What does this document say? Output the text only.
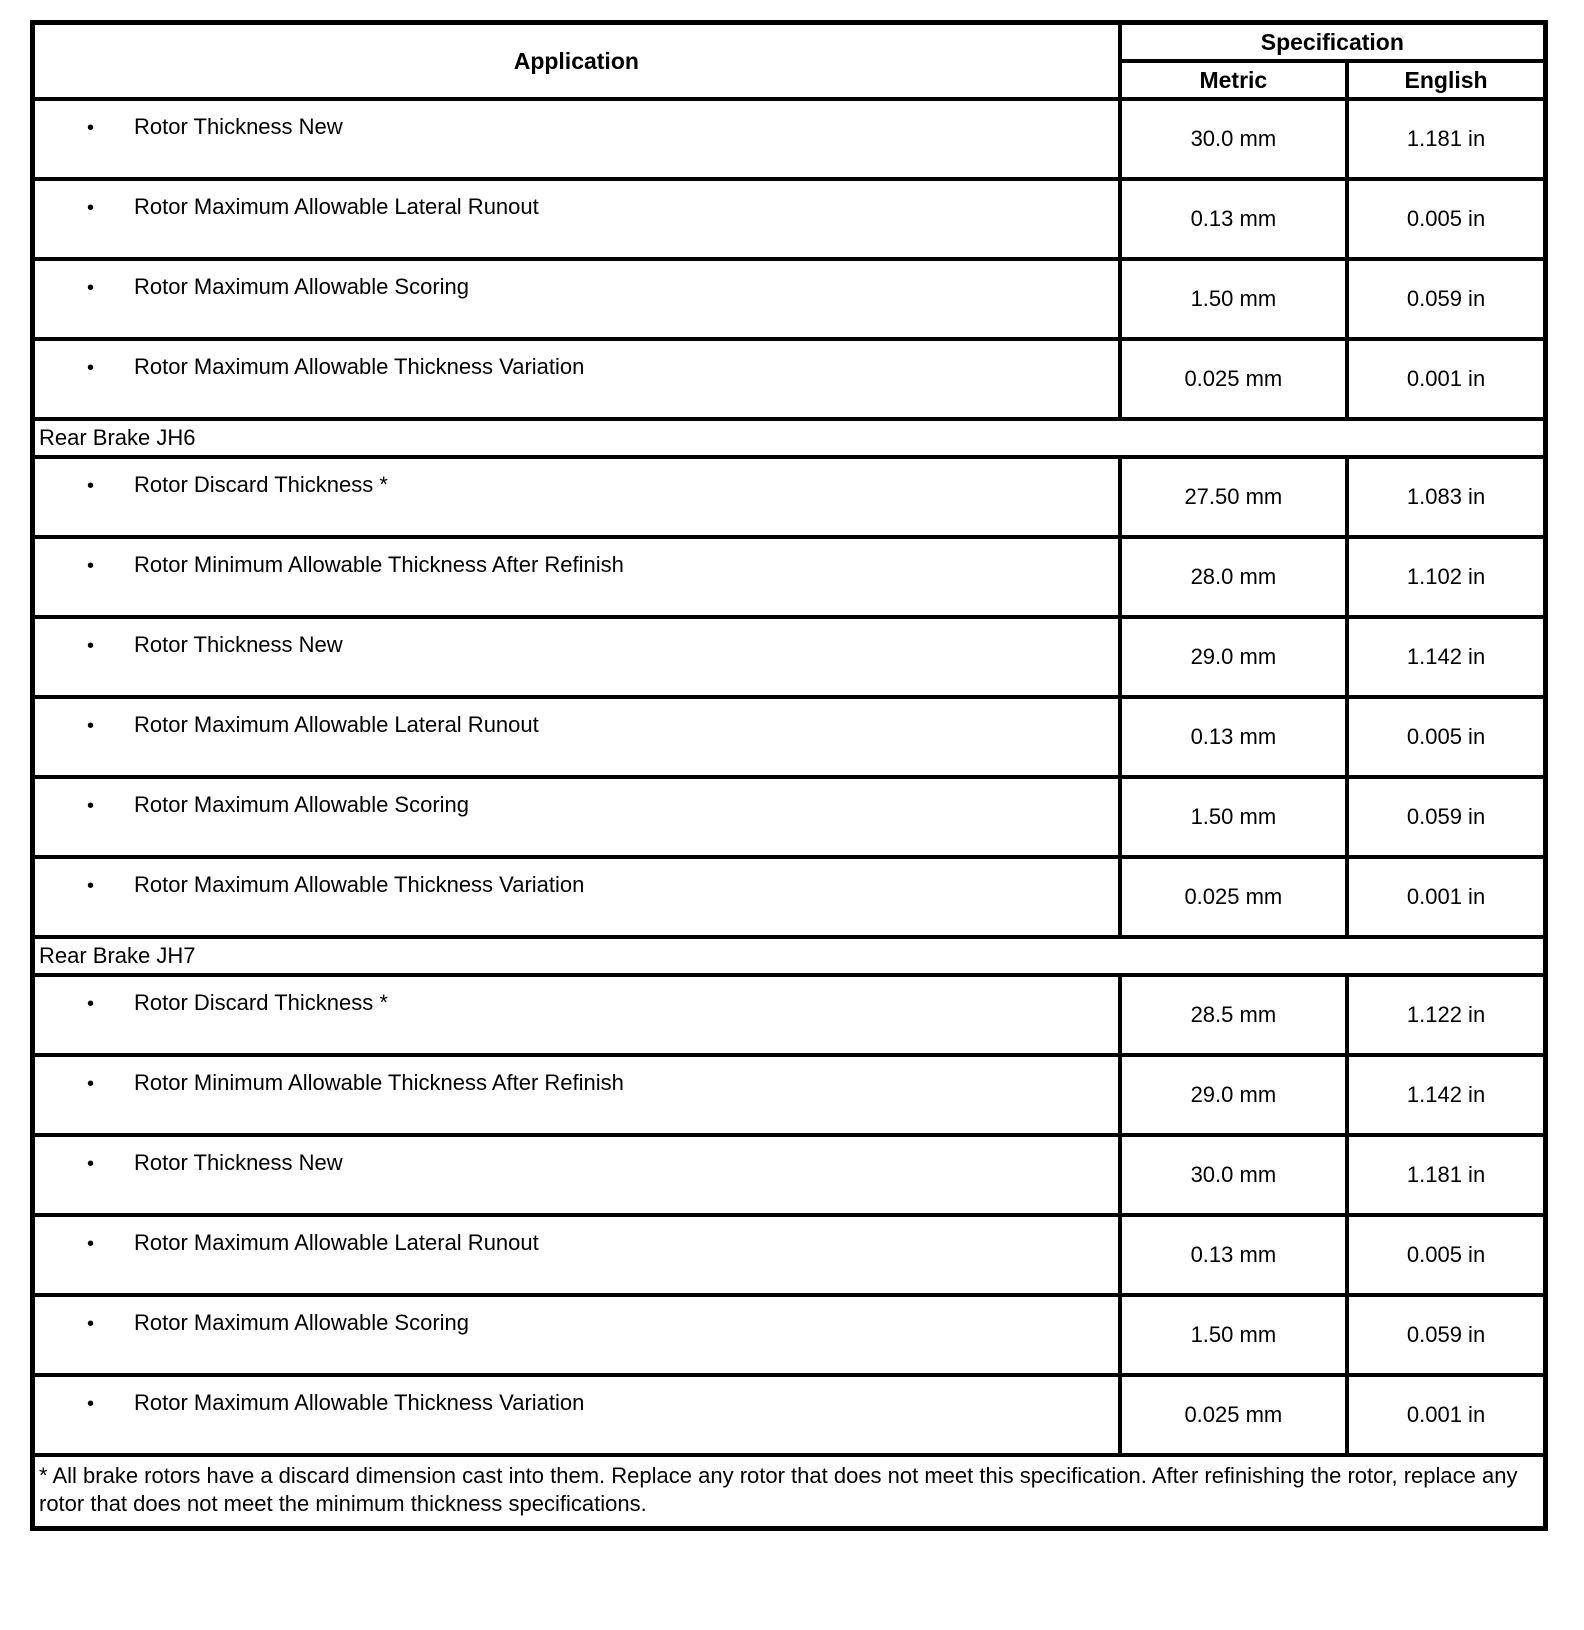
Application	Specification	
	Metric	English
• Rotor Thickness New	30.0 mm	1.181 in
• Rotor Maximum Allowable Lateral Runout	0.13 mm	0.005 in
• Rotor Maximum Allowable Scoring	1.50 mm	0.059 in
• Rotor Maximum Allowable Thickness Variation	0.025 mm	0.001 in
Rear Brake JH6		
• Rotor Discard Thickness *	27.50 mm	1.083 in
• Rotor Minimum Allowable Thickness After Refinish	28.0 mm	1.102 in
• Rotor Thickness New	29.0 mm	1.142 in
• Rotor Maximum Allowable Lateral Runout	0.13 mm	0.005 in
• Rotor Maximum Allowable Scoring	1.50 mm	0.059 in
• Rotor Maximum Allowable Thickness Variation	0.025 mm	0.001 in
Rear Brake JH7		
• Rotor Discard Thickness *	28.5 mm	1.122 in
• Rotor Minimum Allowable Thickness After Refinish	29.0 mm	1.142 in
• Rotor Thickness New	30.0 mm	1.181 in
• Rotor Maximum Allowable Lateral Runout	0.13 mm	0.005 in
• Rotor Maximum Allowable Scoring	1.50 mm	0.059 in
• Rotor Maximum Allowable Thickness Variation	0.025 mm	0.001 in
* All brake rotors have a discard dimension cast into them. Replace any rotor that does not meet this specification. After refinishing the rotor, replace any rotor that does not meet the minimum thickness specifications.		
